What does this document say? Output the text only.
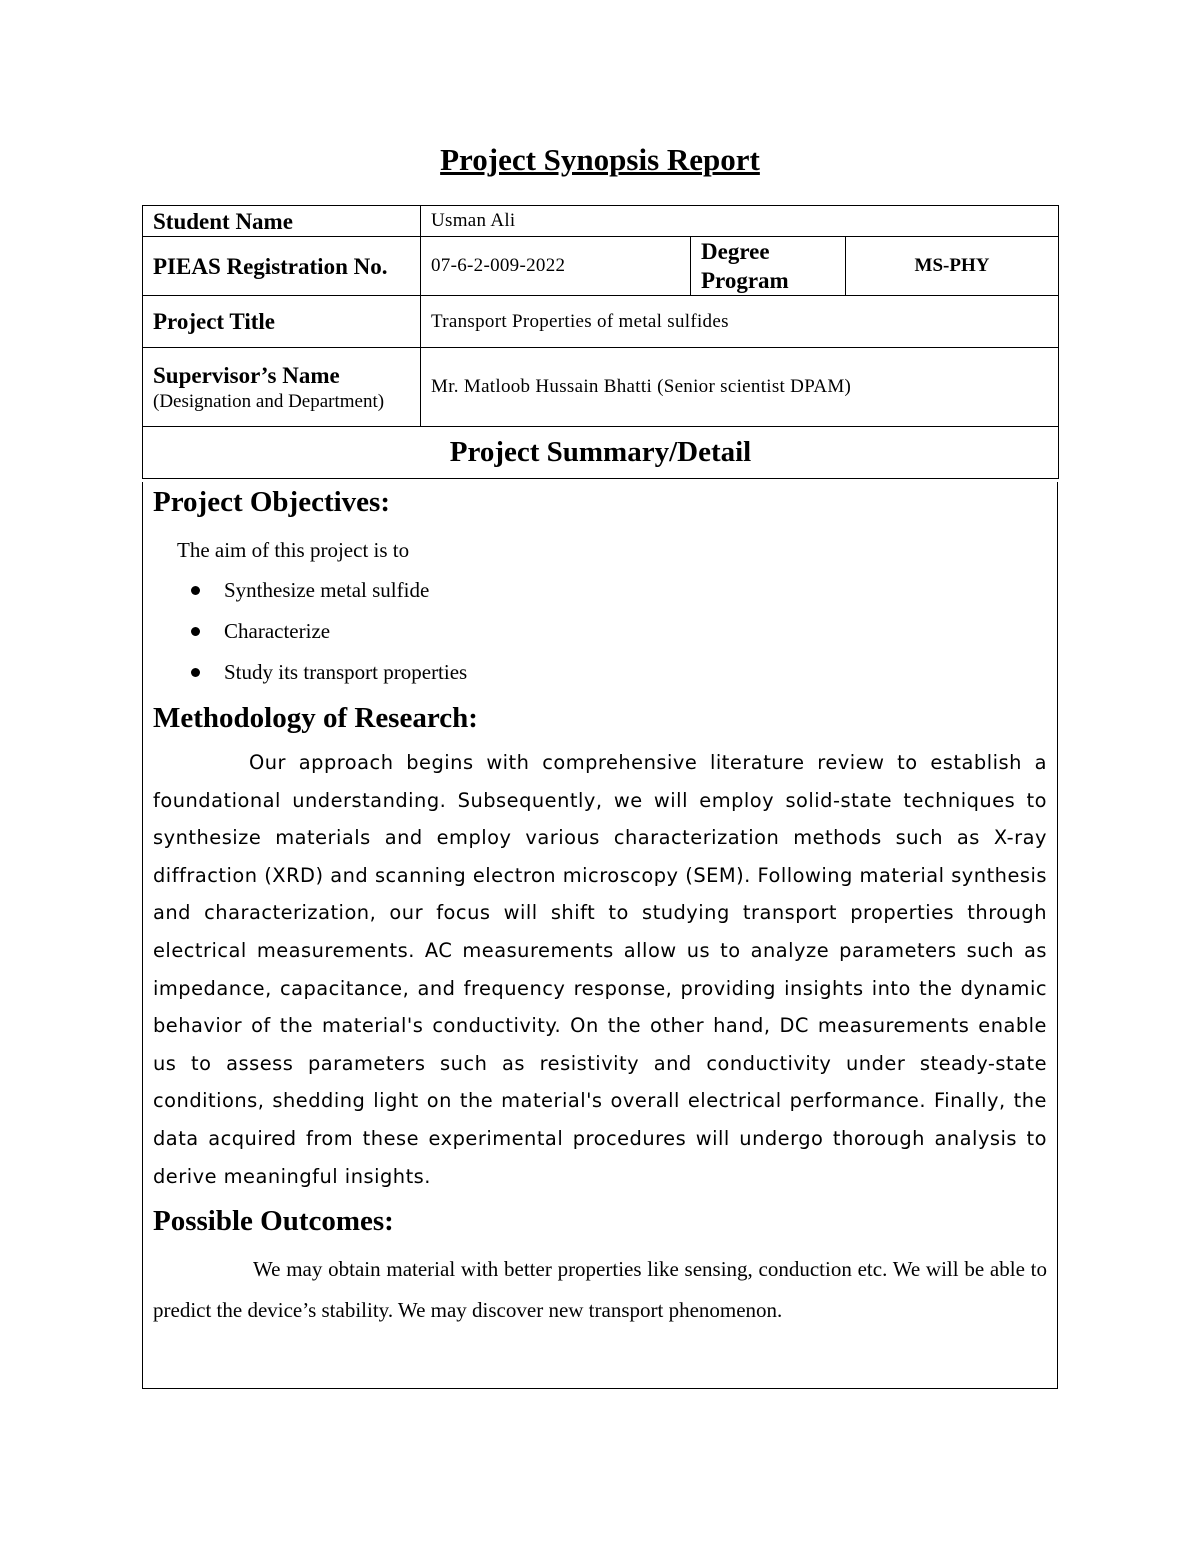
Project Synopsis Report
Student Name	Usman Ali		
PIEAS Registration No.	07-6-2-009-2022	Degree Program	MS-PHY
Project Title	Transport Properties of metal sulfides		
Supervisor’s Name
(Designation and Department)	Mr. Matloob Hussain Bhatti (Senior scientist DPAM)		
Project Summary/Detail			
Project Objectives:
The aim of this project is to
Synthesize metal sulfide
Characterize
Study its transport properties
Methodology of Research:

Our approach begins with comprehensive literature review to establish a foundational understanding. Subsequently, we will employ solid-state techniques to synthesize materials and employ various characterization methods such as X-ray diffraction (XRD) and scanning electron microscopy (SEM). Following material synthesis and characterization, our focus will shift to studying transport properties through electrical measurements. AC measurements allow us to analyze parameters such as impedance, capacitance, and frequency response, providing insights into the dynamic behavior of the material's conductivity. On the other hand, DC measurements enable us to assess parameters such as resistivity and conductivity under steady-state conditions, shedding light on the material's overall electrical performance. Finally, the data acquired from these experimental procedures will undergo thorough analysis to derive meaningful insights.

Possible Outcomes:

We may obtain material with better properties like sensing, conduction etc. We will be able to predict the device’s stability. We may discover new transport phenomenon.
